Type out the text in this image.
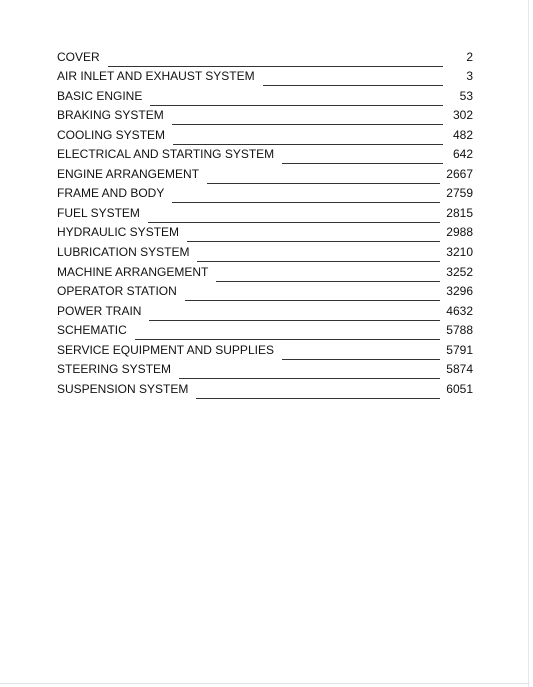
COVER	2
AIR INLET AND EXHAUST SYSTEM	3
BASIC ENGINE	53
BRAKING SYSTEM	302
COOLING SYSTEM	482
ELECTRICAL AND STARTING SYSTEM	642
ENGINE ARRANGEMENT	2667
FRAME AND BODY	2759
FUEL SYSTEM	2815
HYDRAULIC SYSTEM	2988
LUBRICATION SYSTEM	3210
MACHINE ARRANGEMENT	3252
OPERATOR STATION	3296
POWER TRAIN	4632
SCHEMATIC	5788
SERVICE EQUIPMENT AND SUPPLIES	5791
STEERING SYSTEM	5874
SUSPENSION SYSTEM	6051
